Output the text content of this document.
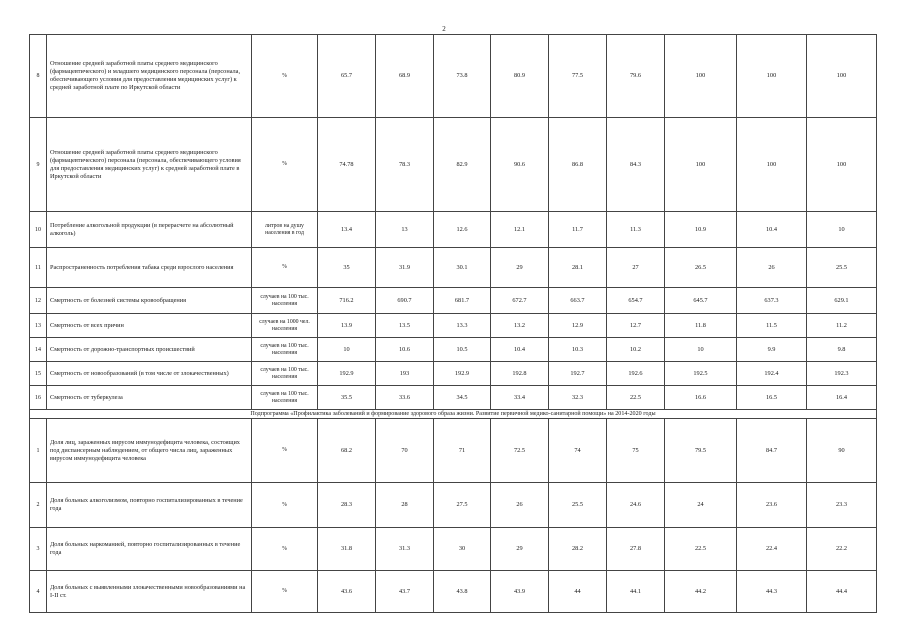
2
8	Отношение средней заработной платы среднего медицинского (фармацевтического) и младшего медицинского персонала (персонала, обеспечивающего условия для предоставления медицинских услуг) к средней заработной плате по Иркутской области	%	65.7	68.9	73.8	80.9	77.5	79.6	100	100	100
9	Отношение средней заработной платы среднего медицинского (фармацевтического) персонала (персонала, обеспечивающего условия для предоставления медицинских услуг) к средней заработной плате в Иркутской области	%	74.78	78.3	82.9	90.6	86.8	84.3	100	100	100
10	Потребление алкогольной продукции (в перерасчете на абсолютный алкоголь)	литров на душу населения в год	13.4	13	12.6	12.1	11.7	11.3	10.9	10.4	10
11	Распространенность потребления табака среди взрослого населения	%	35	31.9	30.1	29	28.1	27	26.5	26	25.5
12	Смертность от болезней системы кровообращения	случаев на 100 тыс. населения	716.2	690.7	681.7	672.7	663.7	654.7	645.7	637.3	629.1
13	Смертность от всех причин	случаев на 1000 чел. населения	13.9	13.5	13.3	13.2	12.9	12.7	11.8	11.5	11.2
14	Смертность от дорожно-транспортных происшествий	случаев на 100 тыс. населения	10	10.6	10.5	10.4	10.3	10.2	10	9.9	9.8
15	Смертность от новообразований (в том числе от злокачественных)	случаев на 100 тыс. населения	192.9	193	192.9	192.8	192.7	192.6	192.5	192.4	192.3
16	Смертность от туберкулеза	случаев на 100 тыс. населения	35.5	33.6	34.5	33.4	32.3	22.5	16.6	16.5	16.4
Подпрограмма «Профилактика заболеваний и формирование здорового образа жизни. Развитие первичной медико-санитарной помощи» на 2014-2020 годы											
1	Доля лиц, зараженных вирусом иммунодефицита человека, состоящих под диспансерным наблюдением, от общего числа лиц, зараженных вирусом иммунодефицита человека	%	68.2	70	71	72.5	74	75	79.5	84.7	90
2	Доля больных алкоголизмом, повторно госпитализированных в течение года	%	28.3	28	27.5	26	25.5	24.6	24	23.6	23.3
3	Доля больных наркоманией, повторно госпитализированных в течение года	%	31.8	31.3	30	29	28.2	27.8	22.5	22.4	22.2
4	Доля больных с выявленными злокачественными новообразованиями на I-II ст.	%	43.6	43.7	43.8	43.9	44	44.1	44.2	44.3	44.4
